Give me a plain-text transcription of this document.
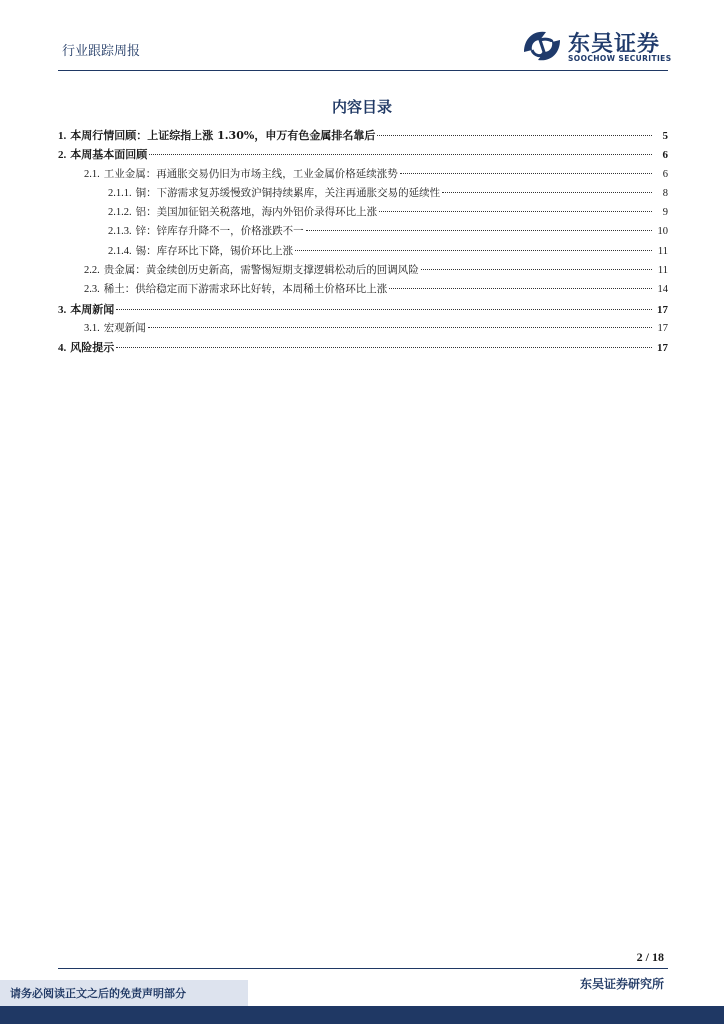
行业跟踪周报	东吴证券
SOOCHOW SECURITIES
内容目录
1. 本周行情回顾：上证综指上涨 1.30%，申万有色金属排名靠后	5
2. 本周基本面回顾	6
2.1. 工业金属：再通胀交易仍旧为市场主线，工业金属价格延续涨势	6
2.1.1. 铜：下游需求复苏缓慢致沪铜持续累库，关注再通胀交易的延续性	8
2.1.2. 铝：美国加征铝关税落地，海内外铝价录得环比上涨	9
2.1.3. 锌：锌库存升降不一，价格涨跌不一	10
2.1.4. 锡：库存环比下降，锡价环比上涨	11
2.2. 贵金属：黄金续创历史新高，需警惕短期支撑逻辑松动后的回调风险	11
2.3. 稀土：供给稳定而下游需求环比好转，本周稀土价格环比上涨	14
3. 本周新闻	17
3.1. 宏观新闻	17
4. 风险提示	17
2 / 18
东吴证券研究所
请务必阅读正文之后的免责声明部分
